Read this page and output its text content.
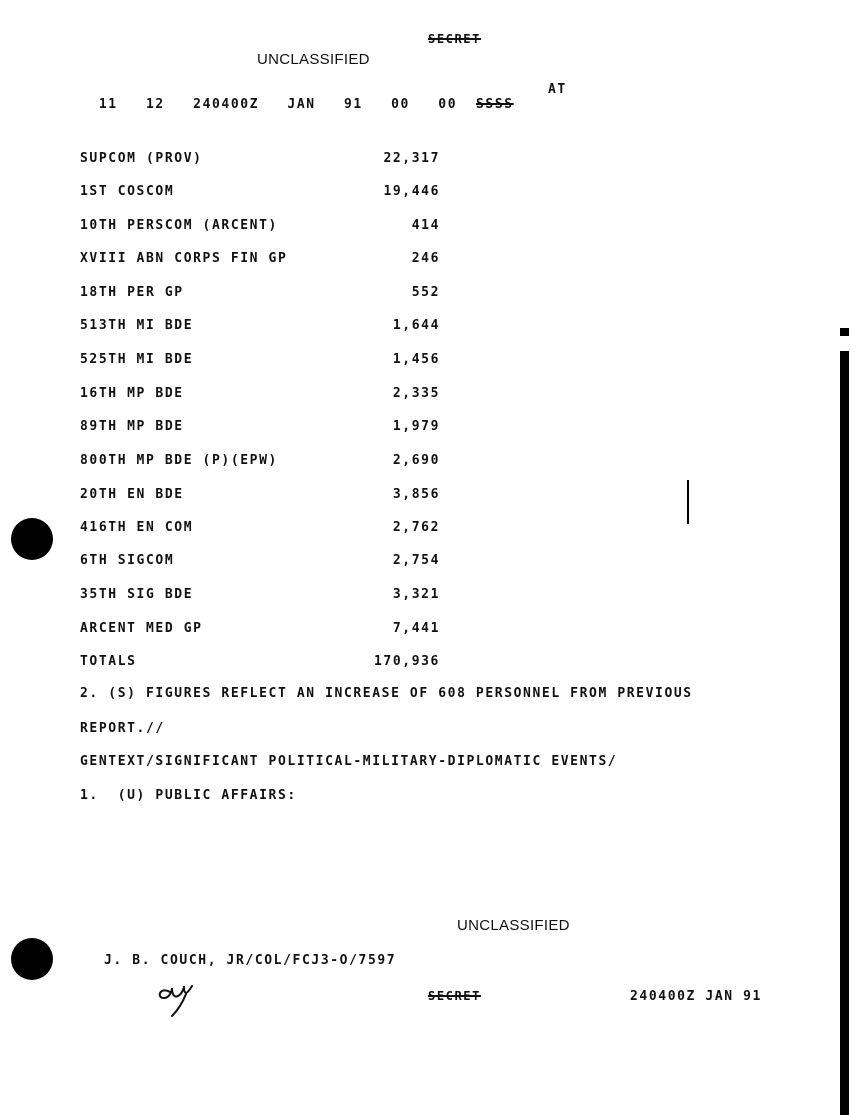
SECRET
UNCLASSIFIED

11 12 240400Z JAN 91 00 00 SSSS

AT
SUPCOM (PROV)	22,317
1ST COSCOM	19,446
10TH PERSCOM (ARCENT)	414
XVIII ABN CORPS FIN GP	246
18TH PER GP	552
513TH MI BDE	1,644
525TH MI BDE	1,456
16TH MP BDE	2,335
89TH MP BDE	1,979
800TH MP BDE (P)(EPW)	2,690
20TH EN BDE	3,856
416TH EN COM	2,762
6TH SIGCOM	2,754
35TH SIG BDE	3,321
ARCENT MED GP	7,441
TOTALS	170,936
2. (S) FIGURES REFLECT AN INCREASE OF 608 PERSONNEL FROM PREVIOUS
REPORT.//
GENTEXT/SIGNIFICANT POLITICAL-MILITARY-DIPLOMATIC EVENTS/
1.  (U) PUBLIC AFFAIRS:
UNCLASSIFIED
J. B. COUCH, JR/COL/FCJ3-O/7597
SECRET	240400Z JAN 91
